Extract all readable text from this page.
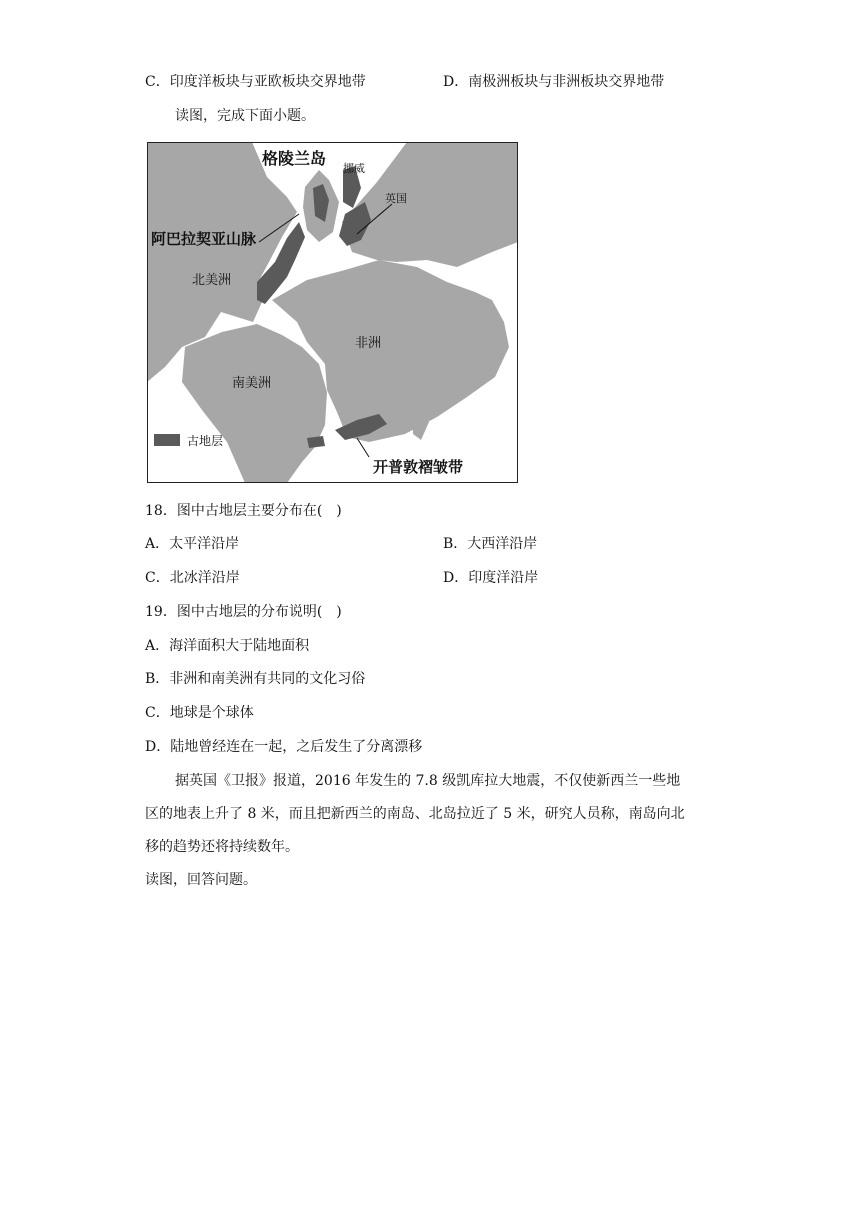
C．印度洋板块与亚欧板块交界地带	D．南极洲板块与非洲板块交界地带
读图，完成下面小题。
古地层
格陵兰岛
挪威
英国
阿巴拉契亚山脉
北美洲
非洲
南美洲
开普敦褶皱带
18．图中古地层主要分布在(　)
A．太平洋沿岸	B．大西洋沿岸
C．北冰洋沿岸	D．印度洋沿岸
19．图中古地层的分布说明(　)
A．海洋面积大于陆地面积
B．非洲和南美洲有共同的文化习俗
C．地球是个球体
D．陆地曾经连在一起，之后发生了分离漂移
据英国《卫报》报道，2016 年发生的 7.8 级凯库拉大地震，不仅使新西兰一些地
区的地表上升了 8 米，而且把新西兰的南岛、北岛拉近了 5 米，研究人员称，南岛向北
移的趋势还将持续数年。
读图，回答问题。
